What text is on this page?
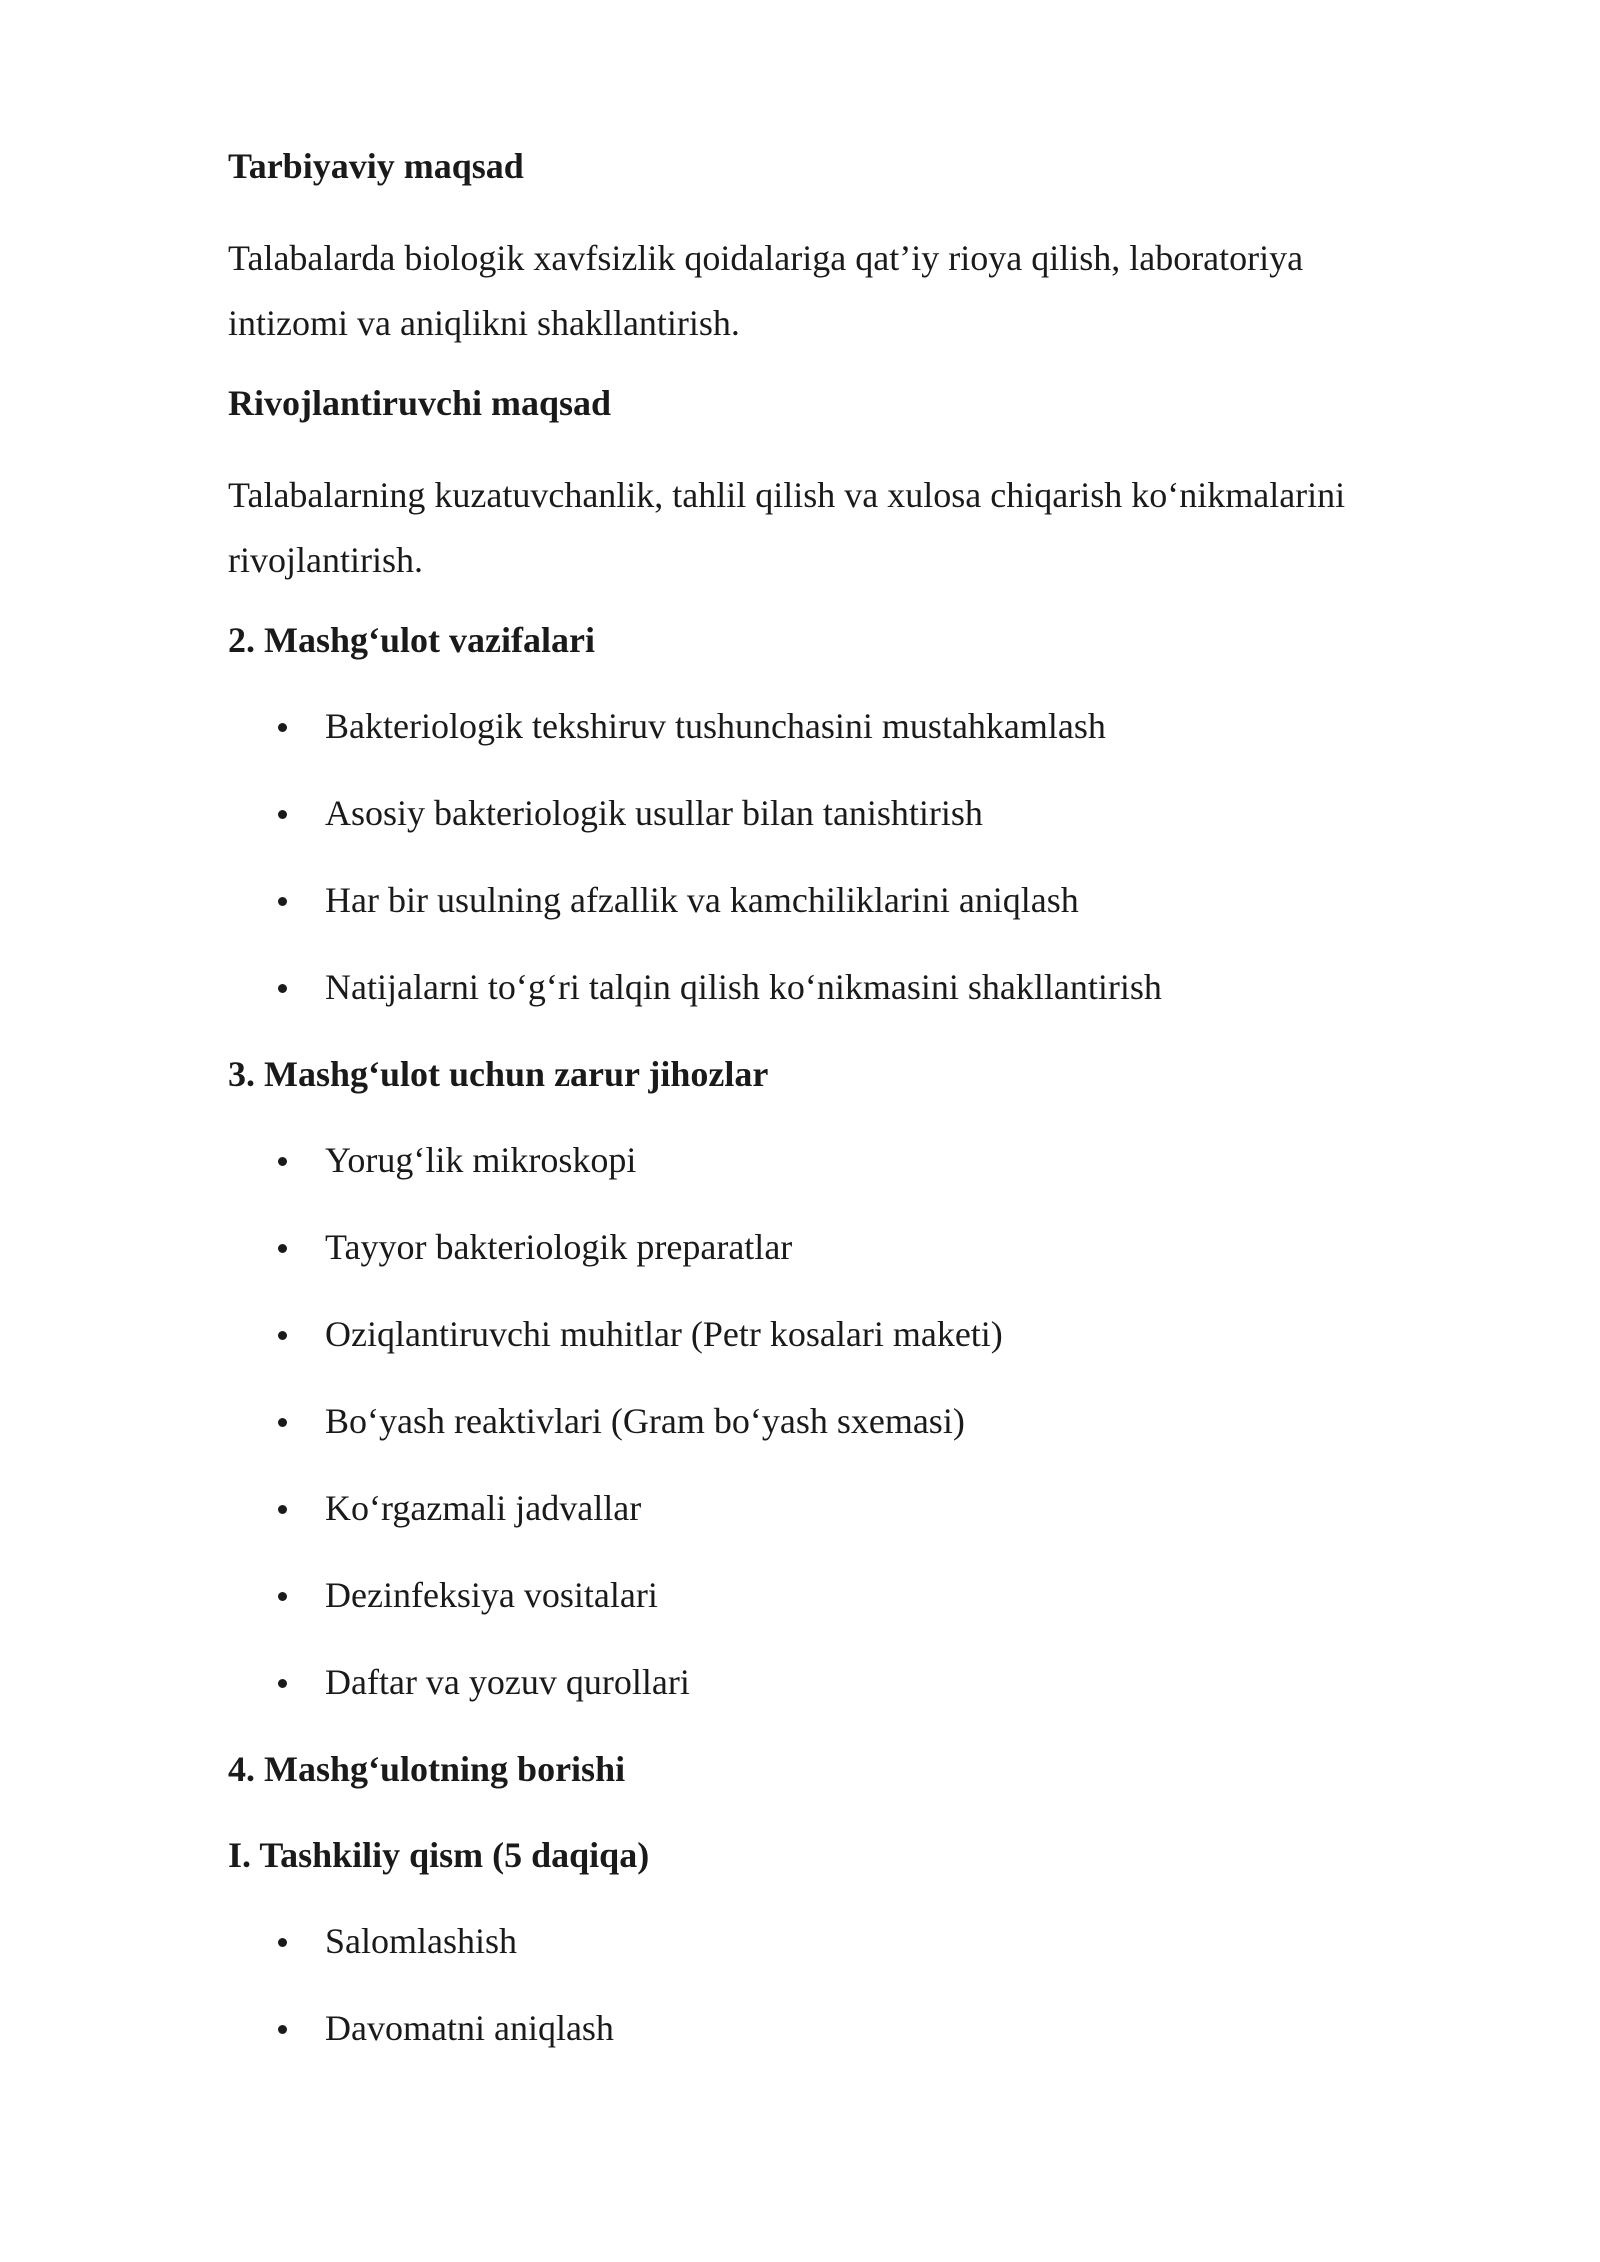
Tarbiyaviy maqsad
Talabalarda biologik xavfsizlik qoidalariga qat’iy rioya qilish, laboratoriya intizomi va aniqlikni shakllantirish.
Rivojlantiruvchi maqsad
Talabalarning kuzatuvchanlik, tahlil qilish va xulosa chiqarish koʻnikmalarini rivojlantirish.
2. Mashgʻulot vazifalari
Bakteriologik tekshiruv tushunchasini mustahkamlash
Asosiy bakteriologik usullar bilan tanishtirish
Har bir usulning afzallik va kamchiliklarini aniqlash
Natijalarni toʻgʻri talqin qilish koʻnikmasini shakllantirish
3. Mashgʻulot uchun zarur jihozlar
Yorugʻlik mikroskopi
Tayyor bakteriologik preparatlar
Oziqlantiruvchi muhitlar (Petr kosalari maketi)
Boʻyash reaktivlari (Gram boʻyash sxemasi)
Koʻrgazmali jadvallar
Dezinfeksiya vositalari
Daftar va yozuv qurollari
4. Mashgʻulotning borishi
I. Tashkiliy qism (5 daqiqa)
Salomlashish
Davomatni aniqlash
